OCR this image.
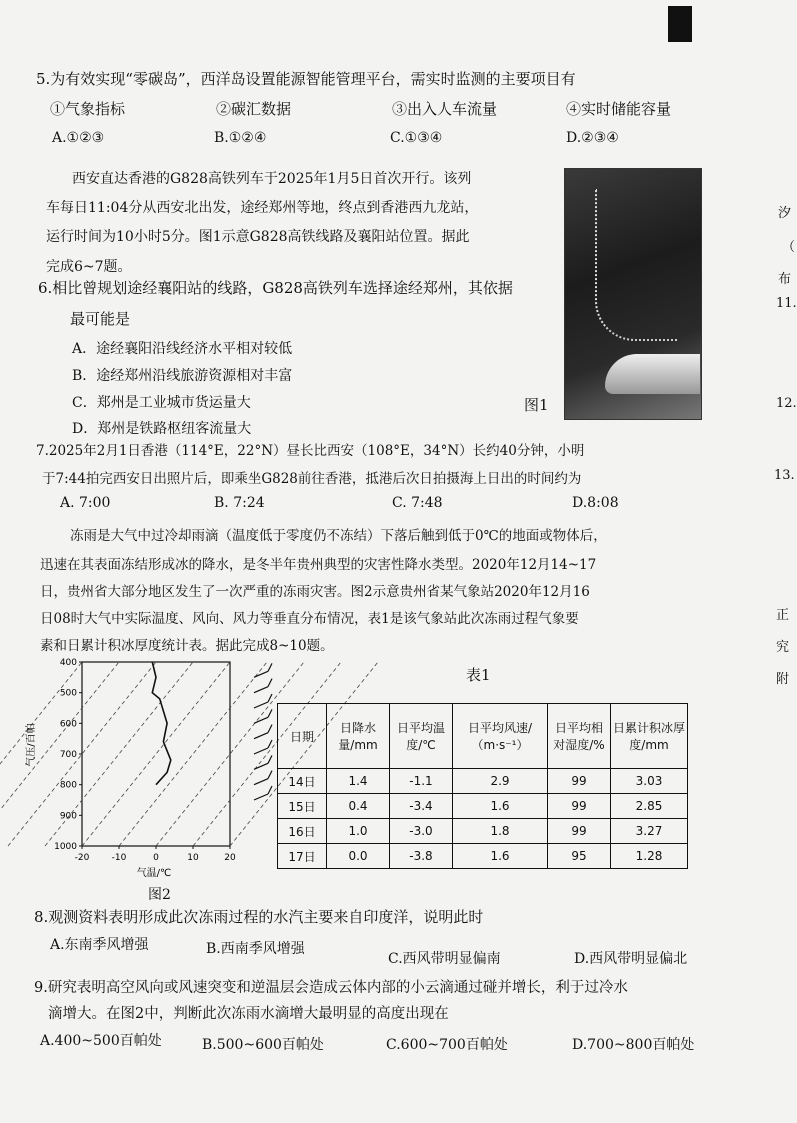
5.为有效实现“零碳岛”，西洋岛设置能源智能管理平台，需实时监测的主要项目有
①气象指标	②碳汇数据	③出入人车流量	④实时储能容量
A.①②③	B.①②④	C.①③④	D.②③④
西安直达香港的G828高铁列车于2025年1月5日首次开行。该列
车每日11:04分从西安北出发，途经郑州等地，终点到香港西九龙站，
运行时间为10小时5分。图1示意G828高铁线路及襄阳站位置。据此
完成6~7题。
图1
6.相比曾规划途经襄阳站的线路，G828高铁列车选择途经郑州，其依据
最可能是
A．途经襄阳沿线经济水平相对较低
B．途经郑州沿线旅游资源相对丰富
C．郑州是工业城市货运量大
D．郑州是铁路枢纽客流量大
7.2025年2月1日香港（114°E，22°N）昼长比西安（108°E，34°N）长约40分钟，小明
于7:44拍完西安日出照片后，即乘坐G828前往香港，抵港后次日拍摄海上日出的时间约为
A. 7:00	B. 7:24	C. 7:48	D.8:08
冻雨是大气中过冷却雨滴（温度低于零度仍不冻结）下落后触到低于0℃的地面或物体后，
迅速在其表面冻结形成冰的降水，是冬半年贵州典型的灾害性降水类型。2020年12月14~17
日，贵州省大部分地区发生了一次严重的冻雨灾害。图2示意贵州省某气象站2020年12月16
日08时大气中实际温度、风向、风力等垂直分布情况，表1是该气象站此次冻雨过程气象要
素和日累计积冰厚度统计表。据此完成8~10题。
400
500
600
700
800
900
1000
-20 -10	0	10	20
气压/百帕
气温/℃
图2
表1
日期	日降水量/mm	日平均温度/℃	日平均风速/（m·s⁻¹）	日平均相对湿度/%	日累计积冰厚度/mm
14日	1.4	-1.1	2.9	99	3.03
15日	0.4	-3.4	1.6	99	2.85
16日	1.0	-3.0	1.8	99	3.27
17日	0.0	-3.8	1.6	95	1.28
8.观测资料表明形成此次冻雨过程的水汽主要来自印度洋，说明此时
A.东南季风增强	B.西南季风增强
C.西风带明显偏南	D.西风带明显偏北
9.研究表明高空风向或风速突变和逆温层会造成云体内部的小云滴通过碰并增长，利于过冷水
滴增大。在图2中，判断此次冻雨水滴增大最明显的高度出现在
A.400~500百帕处	B.500~600百帕处	C.600~700百帕处	D.700~800百帕处
汐
（
布
11.
12.
13.
正
究
附
